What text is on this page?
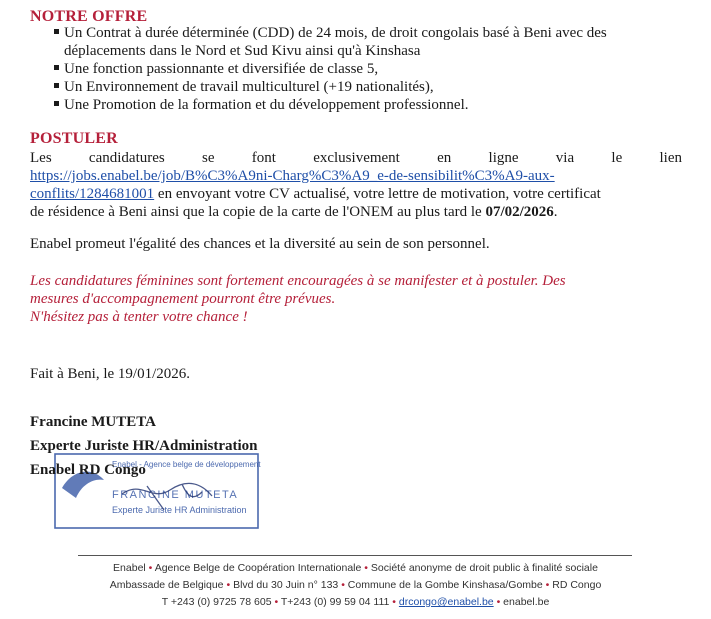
NOTRE OFFRE
Un Contrat à durée déterminée (CDD) de 24 mois, de droit congolais basé à Beni avec des déplacements dans le Nord et Sud Kivu ainsi qu'à Kinshasa
Une fonction passionnante et diversifiée de classe 5,
Un Environnement de travail multiculturel (+19 nationalités),
Une Promotion de la formation et du développement professionnel.
POSTULER
Les candidatures se font exclusivement en ligne via le lien
https://jobs.enabel.be/job/B%C3%A9ni-Charg%C3%A9_e-de-sensibilit%C3%A9-aux-
conflits/1284681001 en envoyant votre CV actualisé, votre lettre de motivation, votre certificat
de résidence à Beni ainsi que la copie de la carte de l'ONEM au plus tard le 07/02/2026.
Enabel promeut l'égalité des chances et la diversité au sein de son personnel.
Les candidatures féminines sont fortement encouragées à se manifester et à postuler. Des
mesures d'accompagnement pourront être prévues.
N'hésitez pas à tenter votre chance !
Fait à Beni, le 19/01/2026.
Francine MUTETA
Experte Juriste HR/Administration
Enabel - Agence belge de développement
FRANCINE MUTETA
Experte Juriste HR Administration
Enabel RD Congo
Enabel • Agence Belge de Coopération Internationale • Société anonyme de droit public à finalité sociale
Ambassade de Belgique • Blvd du 30 Juin n° 133 • Commune de la Gombe Kinshasa/Gombe • RD Congo
T +243 (0) 9725 78 605 • T+243 (0) 99 59 04 111 • drcongo@enabel.be • enabel.be
